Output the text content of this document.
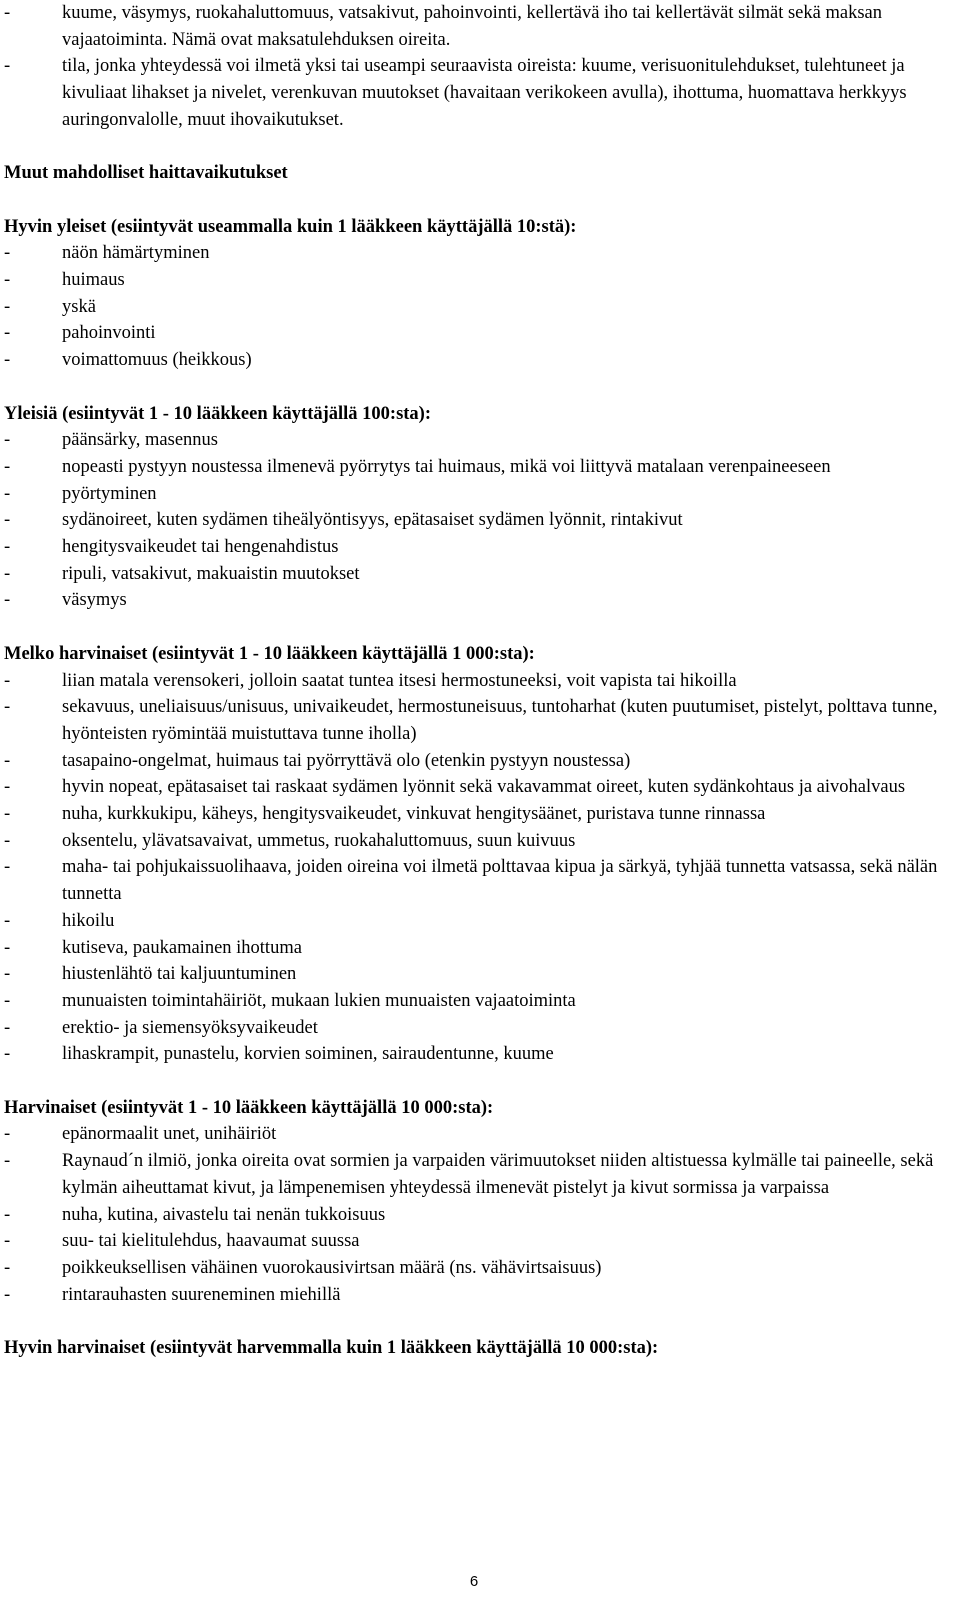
-	kuume, väsymys, ruokahaluttomuus, vatsakivut, pahoinvointi, kellertävä iho tai kellertävät silmät sekä maksan vajaatoiminta. Nämä ovat maksatulehduksen oireita.
-	tila, jonka yhteydessä voi ilmetä yksi tai useampi seuraavista oireista: kuume, verisuonitulehdukset, tulehtuneet ja kivuliaat lihakset ja nivelet, verenkuvan muutokset (havaitaan verikokeen avulla), ihottuma, huomattava herkkyys auringonvalolle, muut ihovaikutukset.
Muut mahdolliset haittavaikutukset
Hyvin yleiset (esiintyvät useammalla kuin 1 lääkkeen käyttäjällä 10:stä):
-	näön hämärtyminen
-	huimaus
-	yskä
-	pahoinvointi
-	voimattomuus (heikkous)
Yleisiä (esiintyvät 1 - 10 lääkkeen käyttäjällä 100:sta):
-	päänsärky, masennus
-	nopeasti pystyyn noustessa ilmenevä pyörrytys tai huimaus, mikä voi liittyvä matalaan verenpaineeseen
-	pyörtyminen
-	sydänoireet, kuten sydämen tiheälyöntisyys, epätasaiset sydämen lyönnit, rintakivut
-	hengitysvaikeudet tai hengenahdistus
-	ripuli, vatsakivut, makuaistin muutokset
-	väsymys
Melko harvinaiset (esiintyvät 1 - 10 lääkkeen käyttäjällä 1 000:sta):
-	liian matala verensokeri, jolloin saatat tuntea itsesi hermostuneeksi, voit vapista tai hikoilla
-	sekavuus, uneliaisuus/unisuus, univaikeudet, hermostuneisuus, tuntoharhat (kuten puutumiset, pistelyt, polttava tunne, hyönteisten ryömintää muistuttava tunne iholla)
-	tasapaino-ongelmat, huimaus tai pyörryttävä olo (etenkin pystyyn noustessa)
-	hyvin nopeat, epätasaiset tai raskaat sydämen lyönnit sekä vakavammat oireet, kuten sydänkohtaus ja aivohalvaus
-	nuha, kurkkukipu, käheys, hengitysvaikeudet, vinkuvat hengitysäänet, puristava tunne rinnassa
-	oksentelu, ylävatsavaivat, ummetus, ruokahaluttomuus, suun kuivuus
-	maha- tai pohjukaissuolihaava, joiden oireina voi ilmetä polttavaa kipua ja särkyä, tyhjää tunnetta vatsassa, sekä nälän tunnetta
-	hikoilu
-	kutiseva, paukamainen ihottuma
-	hiustenlähtö tai kaljuuntuminen
-	munuaisten toimintahäiriöt, mukaan lukien munuaisten vajaatoiminta
-	erektio- ja siemensyöksyvaikeudet
-	lihaskrampit, punastelu, korvien soiminen, sairaudentunne, kuume
Harvinaiset (esiintyvät 1 - 10 lääkkeen käyttäjällä 10 000:sta):
-	epänormaalit unet, unihäiriöt
-	Raynaud´n ilmiö, jonka oireita ovat sormien ja varpaiden värimuutokset niiden altistuessa kylmälle tai paineelle, sekä kylmän aiheuttamat kivut, ja lämpenemisen yhteydessä ilmenevät pistelyt ja kivut sormissa ja varpaissa
-	nuha, kutina, aivastelu tai nenän tukkoisuus
-	suu- tai kielitulehdus, haavaumat suussa
-	poikkeuksellisen vähäinen vuorokausivirtsan määrä (ns. vähävirtsaisuus)
-	rintarauhasten suureneminen miehillä
Hyvin harvinaiset (esiintyvät harvemmalla kuin 1 lääkkeen käyttäjällä 10 000:sta):
6
